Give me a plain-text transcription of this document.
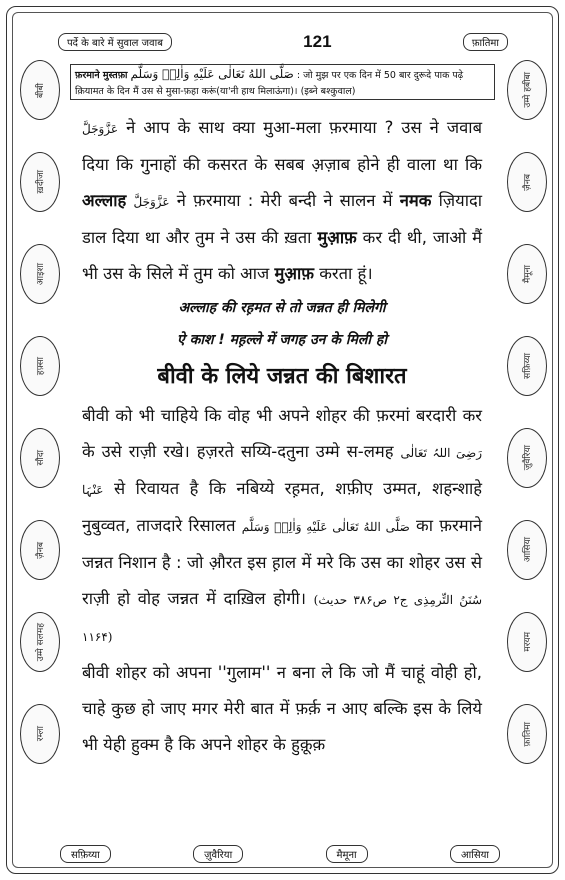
बीबी
ख़दीजा
आइशा
हफ़्सा
सौदा
ज़ैनब
उम्मे सलमह
रम्ला
उम्मे हबीबा
ज़ैनब
मैमूना
सफ़िय्या
ज़ुवैरिया
आसिया
मरयम
फ़ातिमा
पर्दे के बारे में सुवाल जवाब	121	फ़ातिमा
फ़रमाने मुस्तफ़ा صَلَّى اللهُ تَعَالٰی عَلَيْهِ وَاٰلِهٖ وَسَلَّم : जो मुझ पर एक दिन में 50 बार दुरूदे पाक पढ़े क़ियामत के दिन मैं उस से मुसा-फ़हा करूं(या'नी हाथ मिलाऊंगा)। (इब्ने बश्कुवाल)

عَزَّوَجَلَّ ने आप के साथ क्या मुआ-मला फ़रमाया ? उस ने जवाब दिया कि गुनाहों की कसरत के सबब अ़ज़ाब होने ही वाला था कि अल्लाह عَزَّوَجَلَّ ने फ़रमाया : मेरी बन्दी ने सालन में नमक ज़ियादा डाल दिया था और तुम ने उस की ख़ता मुआ़फ़ कर दी थी, जाओ मैं भी उस के सिले में तुम को आज मुआ़फ़ करता हूं।

अल्लाह की रह़मत से तो जन्नत ही मिलेगी
ऐ काश ! मह़ल्ले में जगह उन के मिली हो
बीवी के लिये जन्नत की बिशारत

बीवी को भी चाहिये कि वोह भी अपने शोहर की फ़रमां बरदारी कर के उसे राज़ी रखे। हज़रते सय्यि-दतुना उम्मे स-लमह رَضِیَ اللہُ تَعَالٰی عَنْہَا से रिवायत है कि नबिय्ये रह़मत, शफ़ीए उम्मत, शहन्शाहे नुबुव्वत, ताजदारे रिसालत صَلَّى اللهُ تَعَالٰی عَلَيْهِ وَاٰلِهٖ وَسَلَّم का फ़रमाने जन्नत निशान है : जो औ़रत इस ह़ाल में मरे कि उस का शोहर उस से राज़ी हो वोह जन्नत में दाख़िल होगी। (سُنَنُ التِّرمِذِی ج۲ ص۳۸۶ حدیث ۱۱۶۴)

बीवी शोहर को अपना ''गुलाम'' न बना ले कि जो मैं चाहूं वोही हो, चाहे कुछ हो जाए मगर मेरी बात में फ़र्क़ न आए बल्कि इस के लिये भी येही हुक्म है कि अपने शोहर के हुक़ूक़

सफ़िय्या	ज़ुवैरिया	मैमूना	आसिया
